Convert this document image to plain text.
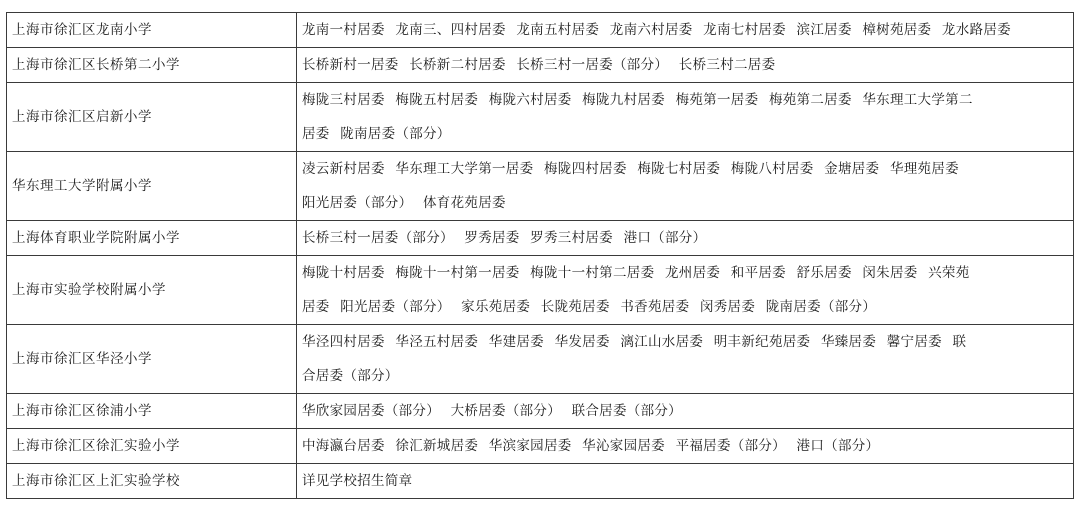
上海市徐汇区龙南小学	龙南一村居委 龙南三、四村居委 龙南五村居委 龙南六村居委 龙南七村居委 滨江居委 樟树苑居委 龙水路居委

上海市徐汇区长桥第二小学	长桥新村一居委 长桥新二村居委 长桥三村一居委（部分） 长桥三村二居委

上海市徐汇区启新小学	梅陇三村居委 梅陇五村居委 梅陇六村居委 梅陇九村居委 梅苑第一居委 梅苑第二居委 华东理工大学第二
居委 陇南居委（部分）

华东理工大学附属小学	凌云新村居委 华东理工大学第一居委 梅陇四村居委 梅陇七村居委 梅陇八村居委 金塘居委 华理苑居委
阳光居委（部分） 体育花苑居委

上海体育职业学院附属小学	长桥三村一居委（部分） 罗秀居委 罗秀三村居委 港口（部分）

上海市实验学校附属小学	梅陇十村居委 梅陇十一村第一居委 梅陇十一村第二居委 龙州居委 和平居委 舒乐居委 闵朱居委 兴荣苑
居委 阳光居委（部分） 家乐苑居委 长陇苑居委 书香苑居委 闵秀居委 陇南居委（部分）

上海市徐汇区华泾小学	华泾四村居委 华泾五村居委 华建居委 华发居委 漓江山水居委 明丰新纪苑居委 华臻居委 馨宁居委 联
合居委（部分）

上海市徐汇区徐浦小学	华欣家园居委（部分） 大桥居委（部分） 联合居委（部分）

上海市徐汇区徐汇实验小学	中海瀛台居委 徐汇新城居委 华滨家园居委 华沁家园居委 平福居委（部分） 港口（部分）

上海市徐汇区上汇实验学校	详见学校招生简章
